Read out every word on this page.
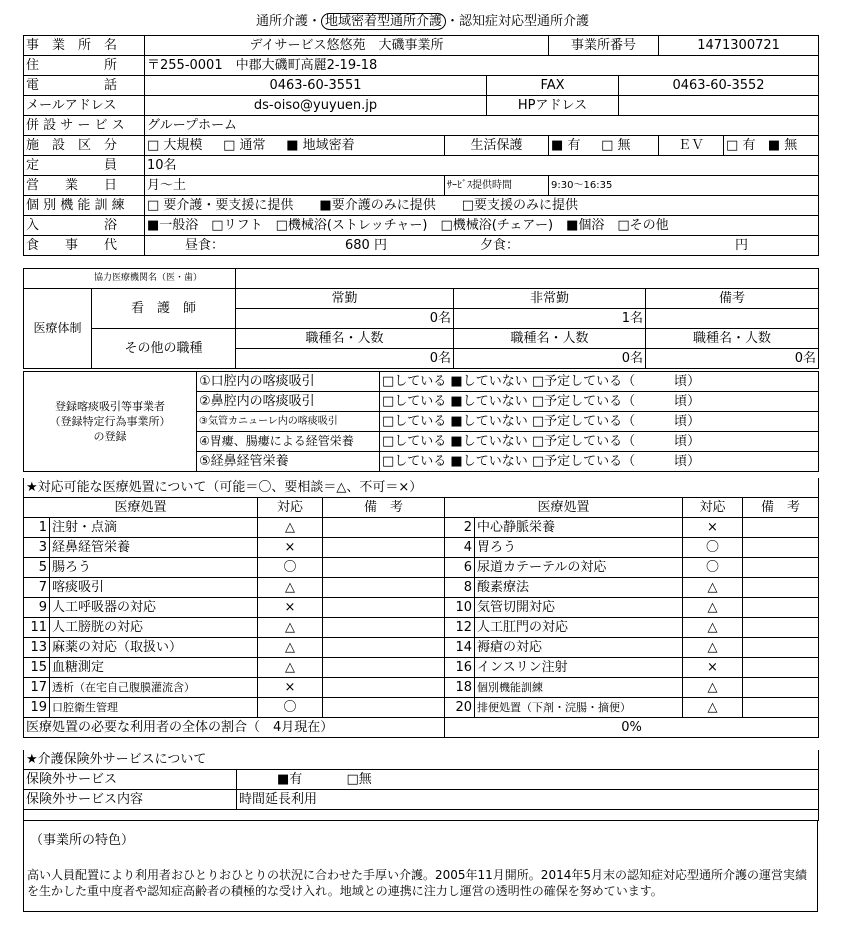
通所介護・ 地域密着型通所介護 ・認知症対応型通所介護
事　業　所　名	デイサービス悠悠苑　大磯事業所			事業所番号		1471300721	
住　　　　　所	〒255-0001　中郡大磯町高麗2-19-18						
電　　　　　話	0463-60-3551		FAX		0463-60-3552		
メールアドレス	ds-oiso@yuyuen.jp		HPアドレス				
併 設 サ ー ビ ス	グループホーム						
施　設　区　分	□ 大規模 □ 通常 ■ 地域密着	生活保護		■ 有 □ 無		ＥＶ	□ 有 ■ 無
定　　　　　員	10名						
営　　業　　日	月〜土	ｻｰﾋﾞｽ提供時間		9:30〜16:35			
個 別 機 能 訓 練	□ 要介護・要支援に提供　　■要介護のみに提供　　□要支援のみに提供						
入　　　　　浴	■一般浴　□リフト　□機械浴(ストレッチャー)　□機械浴(チェアー)　■個浴　□その他						
食　　事　　代	昼食： 680 円 夕食： 円						
協力医療機関名（医・歯）				
医療体制	看　護　師	常勤	非常勤	備考
		0名	1名	
	その他の職種	職種名・人数	職種名・人数	職種名・人数
		0名	0名	0名
登録喀痰吸引等事業者
（登録特定行為事業所）
の登録	①口腔内の喀痰吸引	□している ■していない □予定している（　　　頃）
	②鼻腔内の喀痰吸引	□している ■していない □予定している（　　　頃）
	③気管カニューレ内の喀痰吸引	□している ■していない □予定している（　　　頃）
	④胃瘻、腸瘻による経管栄養	□している ■していない □予定している（　　　頃）
	⑤経鼻経管栄養	□している ■していない □予定している（　　　頃）
★対応可能な医療処置について（可能＝〇、要相談＝△、不可＝×）							
医療処置		対応	備　考	医療処置		対応	備　考
1	注射・点滴	△		2	中心静脈栄養	×	
3	経鼻経管栄養	×		4	胃ろう	〇	
5	腸ろう	〇		6	尿道カテーテルの対応	〇	
7	喀痰吸引	△		8	酸素療法	△	
9	人工呼吸器の対応	×		10	気管切開対応	△	
11	人工膀胱の対応	△		12	人工肛門の対応	△	
13	麻薬の対応（取扱い）	△		14	褥瘡の対応	△	
15	血糖測定	△		16	インスリン注射	×	
17	透析（在宅自己腹膜灌流含）	×		18	個別機能訓練	△	
19	口腔衛生管理	〇		20	排便処置（下剤・浣腸・摘便）	△	
医療処置の必要な利用者の全体の割合（　4月現在）				0%			
★介護保険外サービスについて	
保険外サービス	■有 □無
保険外サービス内容	時間延長利用

（事業所の特色）
高い人員配置により利用者おひとりおひとりの状況に合わせた手厚い介護。2005年11月開所。2014年5月末の認知症対応型通所介護の運営実績を生かした重中度者や認知症高齢者の積極的な受け入れ。地域との連携に注力し運営の透明性の確保を努めています。
